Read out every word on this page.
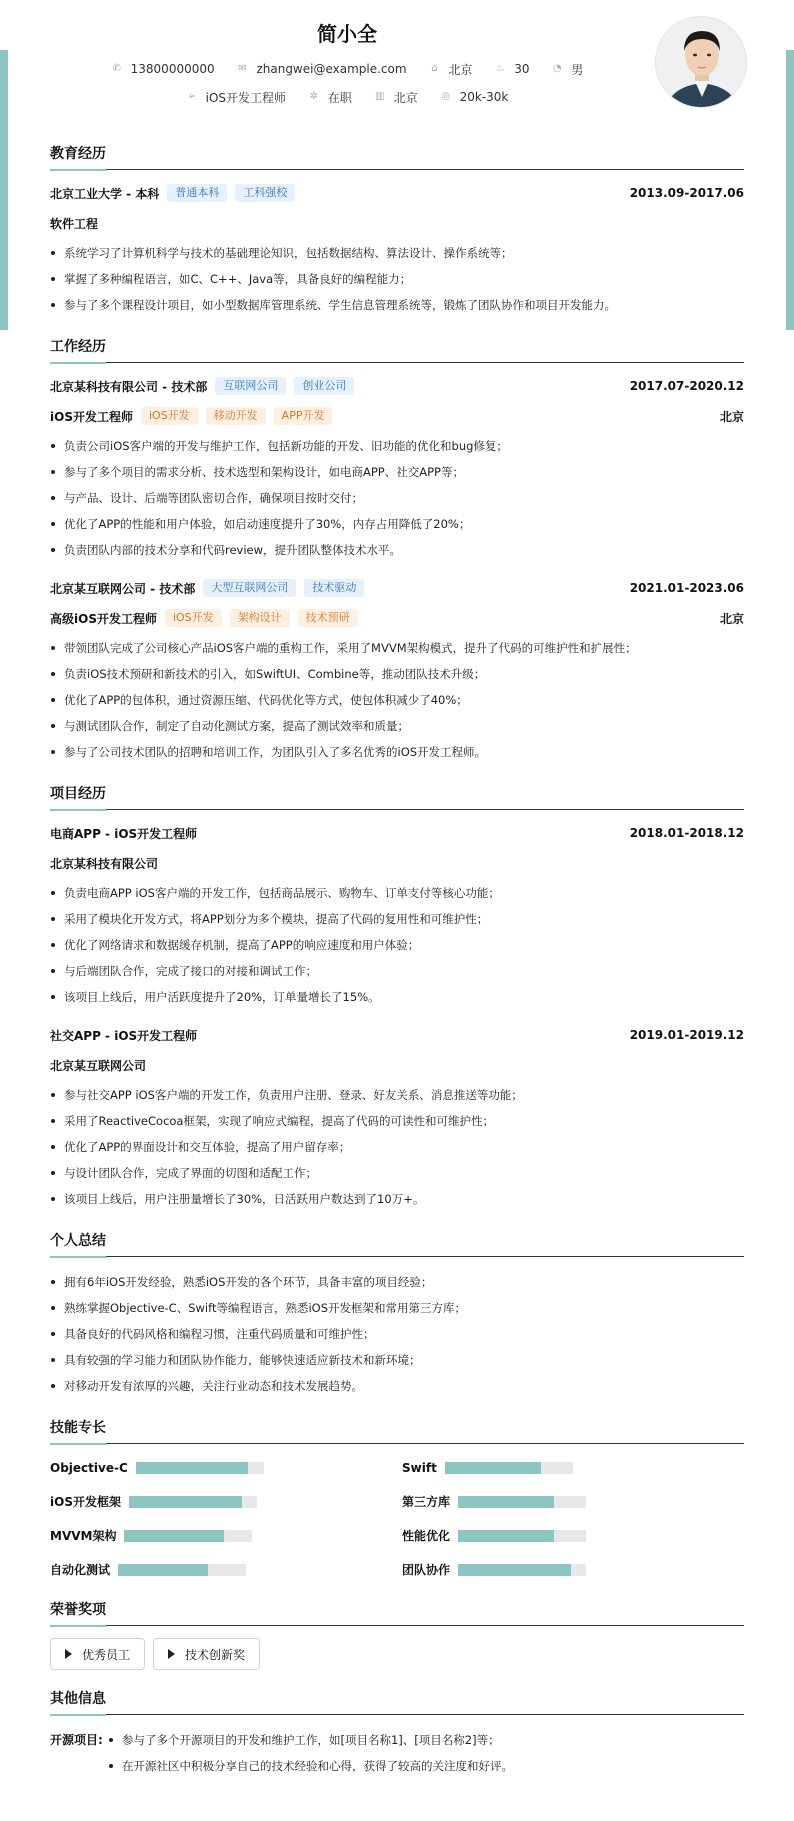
简小全
✆ 13800000000
✉ zhangwei@example.com
⌂ 北京
♨ 30
◔ 男
➢ iOS开发工程师
✲ 在职
▥ 北京
◎ 20k-30k
教育经历
北京工业大学 - 本科	普通本科	工科强校	2013.09-2017.06
软件工程
系统学习了计算机科学与技术的基础理论知识，包括数据结构、算法设计、操作系统等；
掌握了多种编程语言，如C、C++、Java等，具备良好的编程能力；
参与了多个课程设计项目，如小型数据库管理系统、学生信息管理系统等，锻炼了团队协作和项目开发能力。
工作经历
北京某科技有限公司 - 技术部	互联网公司	创业公司	2017.07-2020.12
iOS开发工程师	iOS开发	移动开发	APP开发	北京
负责公司iOS客户端的开发与维护工作，包括新功能的开发、旧功能的优化和bug修复；
参与了多个项目的需求分析、技术选型和架构设计，如电商APP、社交APP等；
与产品、设计、后端等团队密切合作，确保项目按时交付；
优化了APP的性能和用户体验，如启动速度提升了30%，内存占用降低了20%；
负责团队内部的技术分享和代码review，提升团队整体技术水平。
北京某互联网公司 - 技术部	大型互联网公司	技术驱动	2021.01-2023.06
高级iOS开发工程师	iOS开发	架构设计	技术预研	北京
带领团队完成了公司核心产品iOS客户端的重构工作，采用了MVVM架构模式，提升了代码的可维护性和扩展性；
负责iOS技术预研和新技术的引入，如SwiftUI、Combine等，推动团队技术升级；
优化了APP的包体积，通过资源压缩、代码优化等方式，使包体积减少了40%；
与测试团队合作，制定了自动化测试方案，提高了测试效率和质量；
参与了公司技术团队的招聘和培训工作，为团队引入了多名优秀的iOS开发工程师。
项目经历
电商APP - iOS开发工程师	2018.01-2018.12
北京某科技有限公司
负责电商APP iOS客户端的开发工作，包括商品展示、购物车、订单支付等核心功能；
采用了模块化开发方式，将APP划分为多个模块，提高了代码的复用性和可维护性；
优化了网络请求和数据缓存机制，提高了APP的响应速度和用户体验；
与后端团队合作，完成了接口的对接和调试工作；
该项目上线后，用户活跃度提升了20%，订单量增长了15%。
社交APP - iOS开发工程师	2019.01-2019.12
北京某互联网公司
参与社交APP iOS客户端的开发工作，负责用户注册、登录、好友关系、消息推送等功能；
采用了ReactiveCocoa框架，实现了响应式编程，提高了代码的可读性和可维护性；
优化了APP的界面设计和交互体验，提高了用户留存率；
与设计团队合作，完成了界面的切图和适配工作；
该项目上线后，用户注册量增长了30%，日活跃用户数达到了10万+。
个人总结
拥有6年iOS开发经验，熟悉iOS开发的各个环节，具备丰富的项目经验；
熟练掌握Objective-C、Swift等编程语言，熟悉iOS开发框架和常用第三方库；
具备良好的代码风格和编程习惯，注重代码质量和可维护性；
具有较强的学习能力和团队协作能力，能够快速适应新技术和新环境；
对移动开发有浓厚的兴趣，关注行业动态和技术发展趋势。
技能专长
Objective-C	Swift
iOS开发框架	第三方库
MVVM架构	性能优化
自动化测试	团队协作
荣誉奖项
优秀员工	技术创新奖
其他信息
开源项目:	参与了多个开源项目的开发和维护工作，如[项目名称1]、[项目名称2]等；
在开源社区中积极分享自己的技术经验和心得，获得了较高的关注度和好评。
